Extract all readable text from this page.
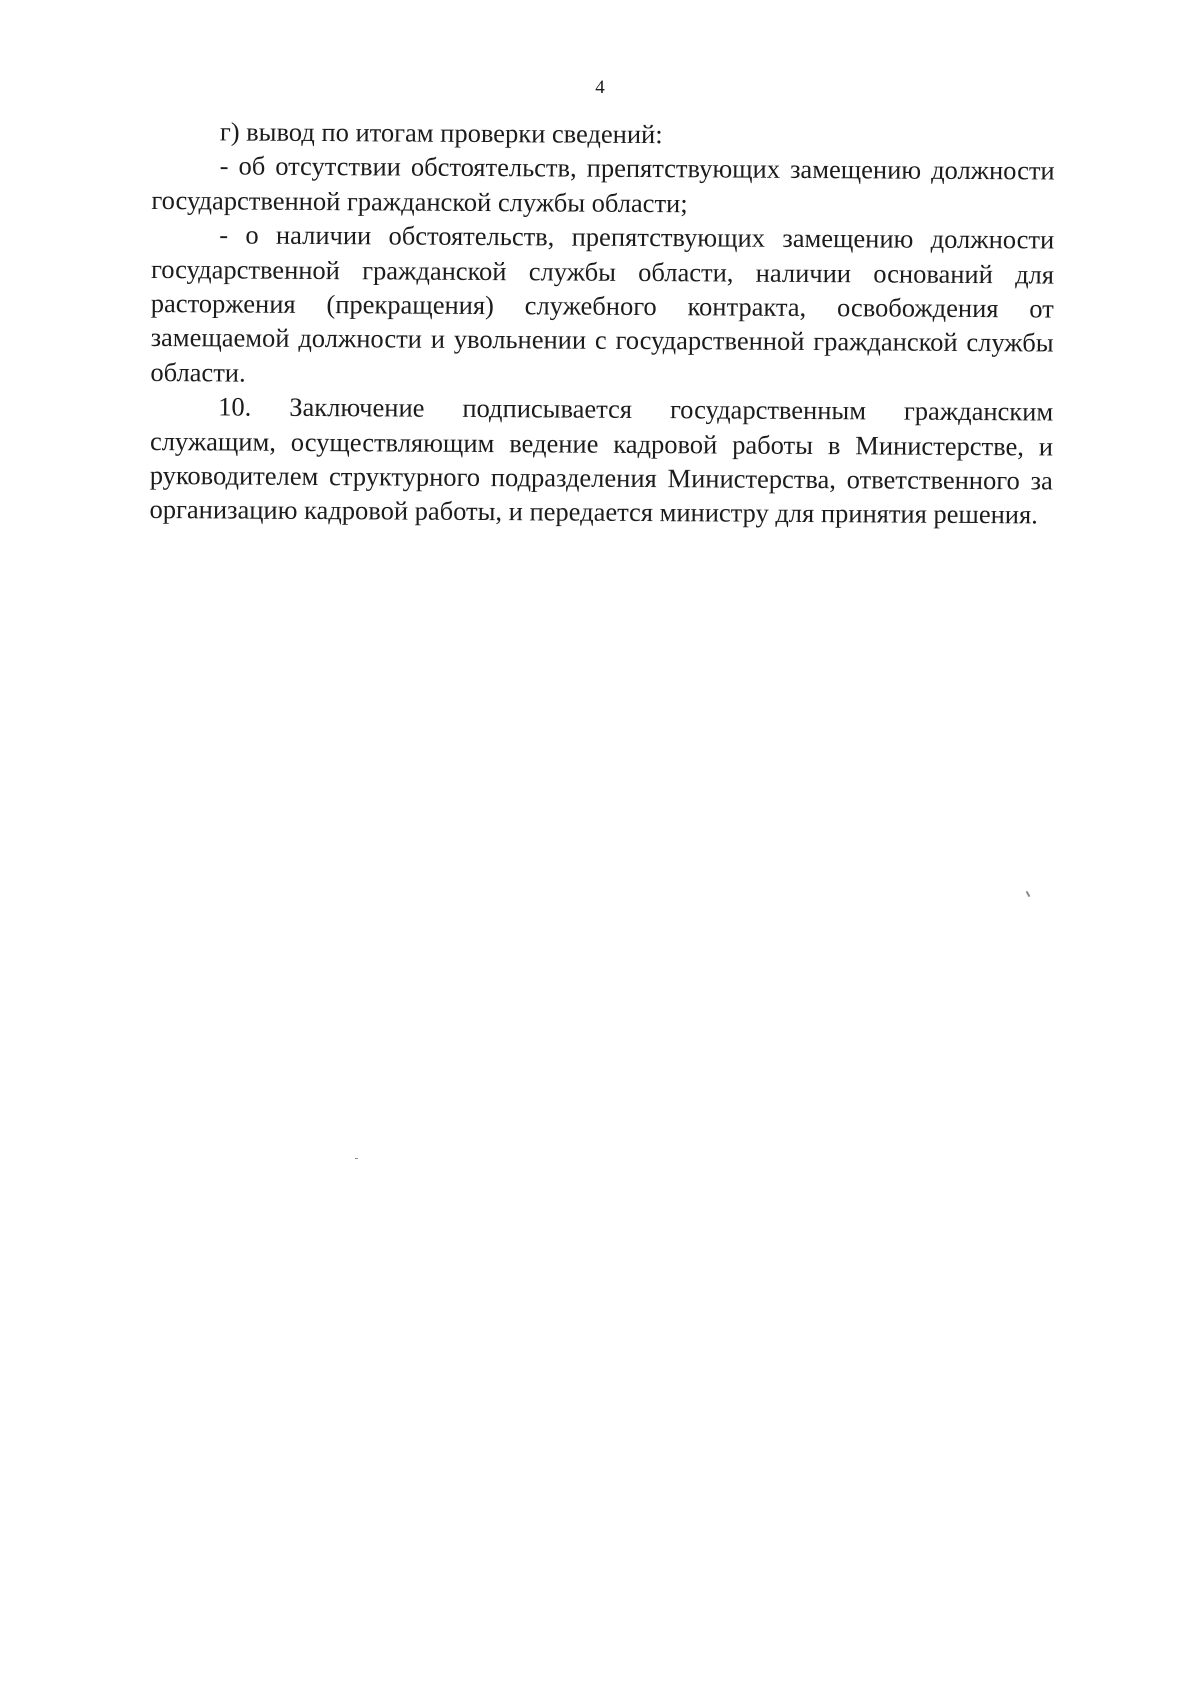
4

г) вывод по итогам проверки сведений:

- об отсутствии обстоятельств, препятствующих замещению должности государственной гражданской службы области;

- о наличии обстоятельств, препятствующих замещению должности государственной гражданской службы области, наличии оснований для расторжения (прекращения) служебного контракта, освобождения от замещаемой должности и увольнении с государственной гражданской службы области.

10. Заключение подписывается государственным гражданским служащим, осуществляющим ведение кадровой работы в Министерстве, и руководителем структурного подразделения Министерства, ответственного за организацию кадровой работы, и передается министру для принятия решения.
